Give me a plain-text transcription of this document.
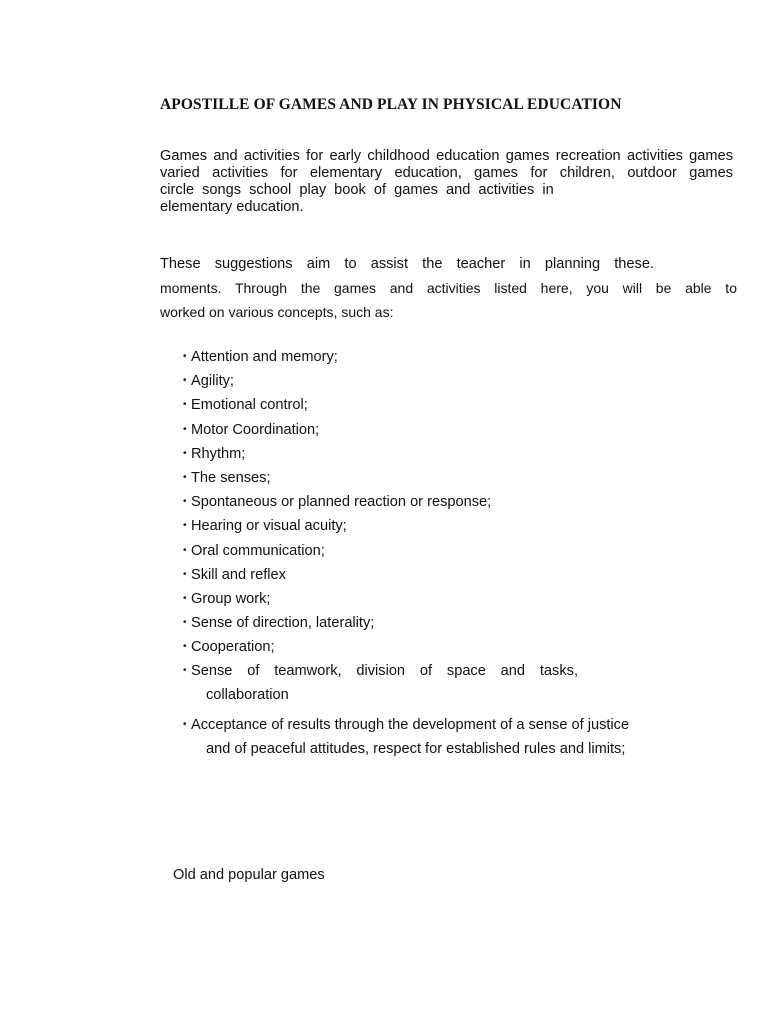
APOSTILLE OF GAMES AND PLAY IN PHYSICAL EDUCATION
Games and activities for early childhood education games recreation activities games
varied activities for elementary education, games for children, outdoor games
circle songs school play book of games and activities in
elementary education.
These suggestions aim to assist the teacher in planning these.
moments. Through the games and activities listed here, you will be able to
worked on various concepts, such as:
• Attention and memory;
• Agility;
• Emotional control;
• Motor Coordination;
• Rhythm;
• The senses;
• Spontaneous or planned reaction or response;
• Hearing or visual acuity;
• Oral communication;
• Skill and reflex
• Group work;
• Sense of direction, laterality;
• Cooperation;
• Sense of teamwork, division of space and tasks,
collaboration
• Acceptance of results through the development of a sense of justice
and of peaceful attitudes, respect for established rules and limits;
Old and popular games
